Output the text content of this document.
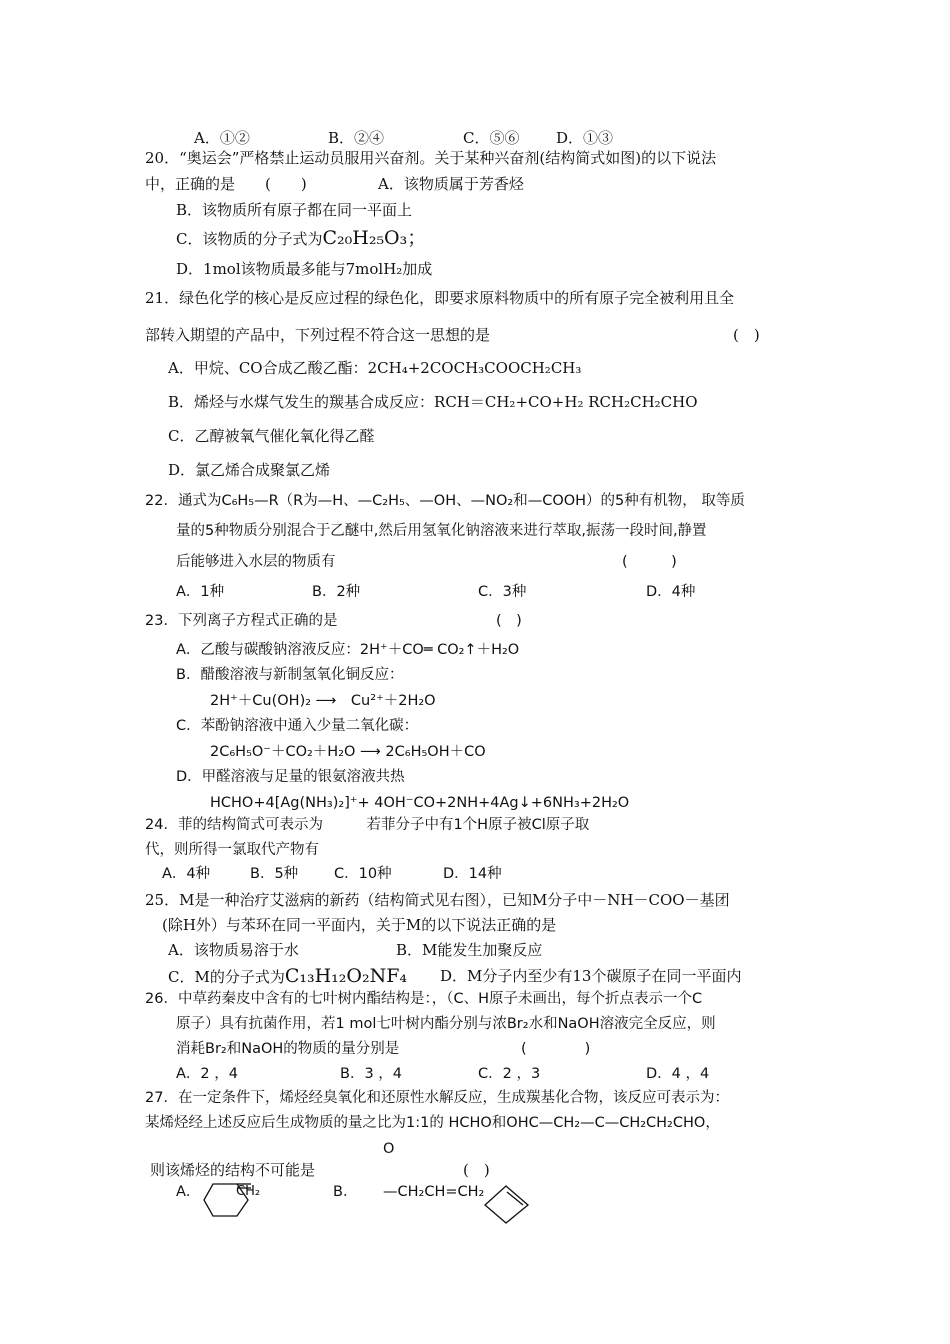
A．①②	B．②④	C．⑤⑥ D．①③
20．“奥运会”严格禁止运动员服用兴奋剂。关于某种兴奋剂(结构简式如图)的以下说法
中，正确的是　　(　　)	A．该物质属于芳香烃
B．该物质所有原子都在同一平面上
C．该物质的分子式为C₂₀H₂₅O₃；
D．1mol该物质最多能与7molH₂加成
21．绿色化学的核心是反应过程的绿色化，即要求原料物质中的所有原子完全被利用且全
部转入期望的产品中，下列过程不符合这一思想的是	(　)
A．甲烷、CO合成乙酸乙酯：2CH₄+2COCH₃COOCH₂CH₃
B．烯烃与水煤气发生的羰基合成反应：RCH＝CH₂+CO+H₂ RCH₂CH₂CHO
C．乙醇被氧气催化氧化得乙醛
D．氯乙烯合成聚氯乙烯
22．通式为C₆H₅—R（R为—H、—C₂H₅、—OH、—NO₂和—COOH）的5种有机物， 取等质
量的5种物质分别混合于乙醚中,然后用氢氧化钠溶液来进行萃取,振荡一段时间,静置
后能够进入水层的物质有	(　　　)
A．1种	B．2种	C．3种	D．4种
23．下列离子方程式正确的是	(　)
A．乙酸与碳酸钠溶液反应：2H⁺＋CO═ CO₂↑＋H₂O
B．醋酸溶液与新制氢氧化铜反应：
2H⁺＋Cu(OH)₂ ⟶　Cu²⁺＋2H₂O
C．苯酚钠溶液中通入少量二氧化碳：
2C₆H₅O⁻＋CO₂＋H₂O ⟶ 2C₆H₅OH＋CO
D．甲醛溶液与足量的银氨溶液共热
HCHO+4[Ag(NH₃)₂]⁺+ 4OH⁻CO+2NH+4Ag↓+6NH₃+2H₂O
24．菲的结构简式可表示为　　　若菲分子中有1个H原子被Cl原子取
代，则所得一氯取代产物有
A．4种	B．5种 C．10种	D．14种
25．M是一种治疗艾滋病的新药（结构简式见右图），已知M分子中－NH－COO－基团
(除H外）与苯环在同一平面内，关于M的以下说法正确的是
A．该物质易溶于水	B．M能发生加聚反应
C．M的分子式为C₁₃H₁₂O₂NF₄ D．M分子内至少有13个碳原子在同一平面内
26．中草药秦皮中含有的七叶树内酯结构是：，（C、H原子未画出，每个折点表示一个C
原子）具有抗菌作用，若1 mol七叶树内酯分别与浓Br₂水和NaOH溶液完全反应，则
消耗Br₂和NaOH的物质的量分别是	(　　　　)
A．2 ，4	B．3 ，4	C．2 ，3	D．4 ，4
27．在一定条件下，烯烃经臭氧化和还原性水解反应，生成羰基化合物，该反应可表示为：
某烯烃经上述反应后生成物质的量之比为1:1的 HCHO和OHC—CH₂—C—CH₂CH₂CHO，
O
则该烯烃的结构不可能是	(　)
A．	CH₂	B． —CH₂CH=CH₂
